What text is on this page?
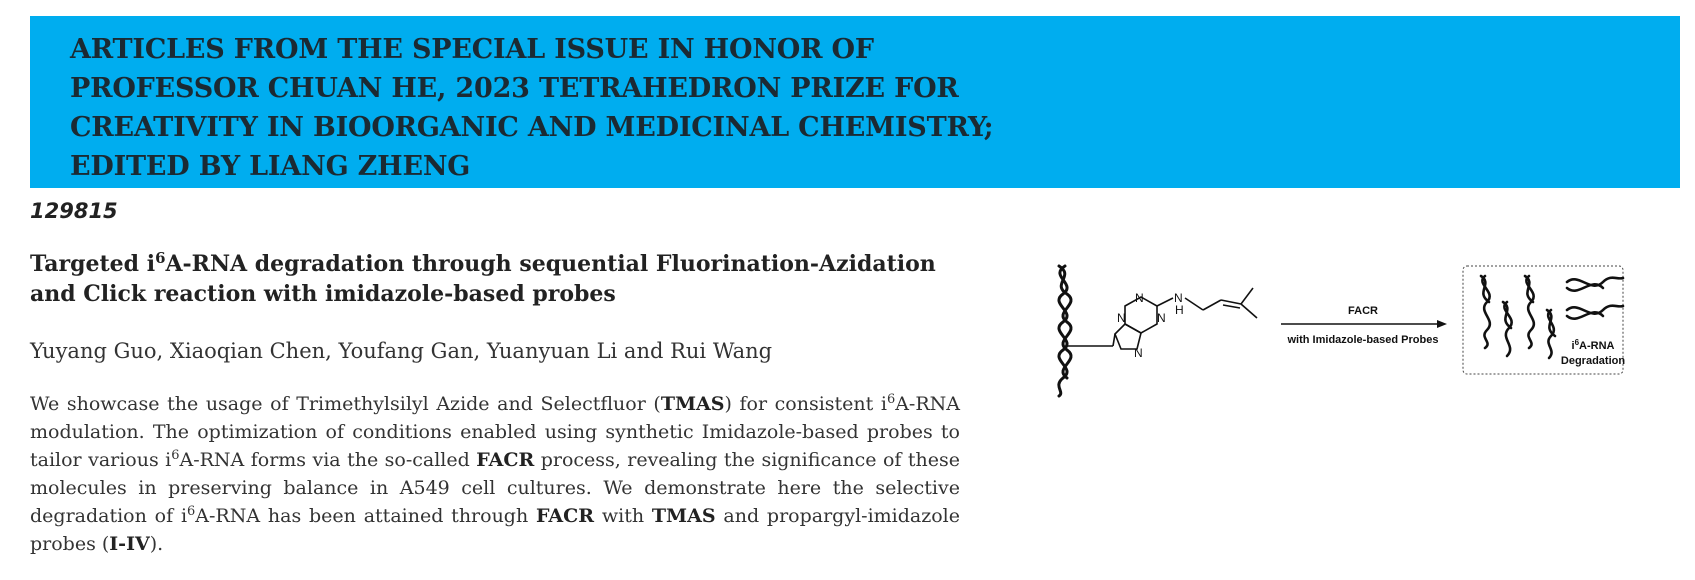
ARTICLES FROM THE SPECIAL ISSUE IN HONOR OF
PROFESSOR CHUAN HE, 2023 TETRAHEDRON PRIZE FOR
CREATIVITY IN BIOORGANIC AND MEDICINAL CHEMISTRY;
EDITED BY LIANG ZHENG
129815
Targeted $i^6A$-RNA degradation through sequential Fluorination-Azidation and Click reaction with imidazole-based probes
Yuyang Guo, Xiaoqian Chen, Youfang Gan, Yuanyuan Li and Rui Wang

We showcase the usage of Trimethylsilyl Azide and Selectfluor (TMAS) for consistent $i^6A$-RNA modulation. The optimization of conditions enabled using synthetic Imidazole-based probes to tailor various $i^6A$-RNA forms via the so-called FACR process, revealing the significance of these molecules in preserving balance in A549 cell cultures. We demonstrate here the selective degradation of $i^6A$-RNA has been attained through FACR with TMAS and propargyl-imidazole probes (I-IV).

N
N	N
N
N
H	FACR
with Imidazole-based Probes	$i^6A$-RNA
Degradation
